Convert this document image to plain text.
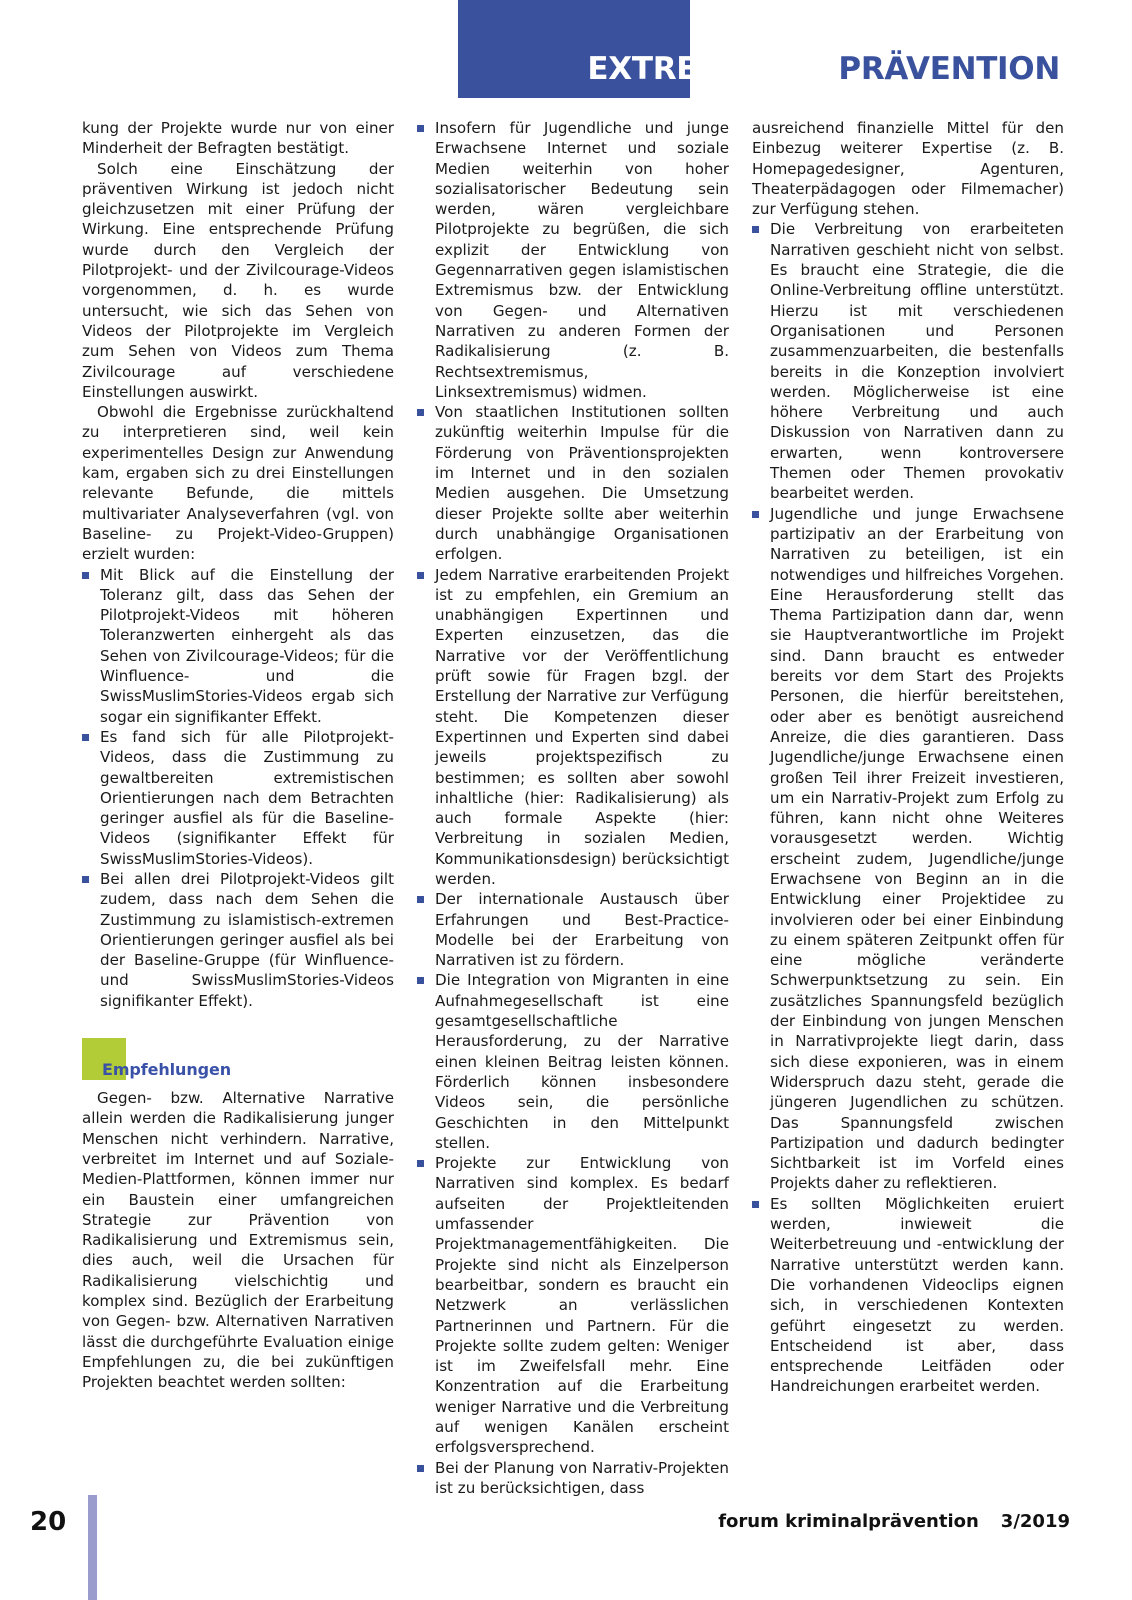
EXTREMISMUSPRÄVENTION

kung der Projekte wurde nur von einer Minderheit der Befragten bestätigt.

Solch eine Einschätzung der präventiven Wirkung ist jedoch nicht gleichzusetzen mit einer Prüfung der Wirkung. Eine entsprechende Prüfung wurde durch den Vergleich der Pilotprojekt- und der Zivilcourage-Videos vorgenommen, d. h. es wurde untersucht, wie sich das Sehen von Videos der Pilotprojekte im Vergleich zum Sehen von Videos zum Thema Zivilcourage auf verschiedene Einstellungen auswirkt.

Obwohl die Ergebnisse zurückhaltend zu interpretieren sind, weil kein experimentelles Design zur Anwendung kam, ergaben sich zu drei Einstellungen relevante Befunde, die mittels multivariater Analyseverfahren (vgl. von Baseline- zu Projekt-Video-Gruppen) erzielt wurden:

Mit Blick auf die Einstellung der Toleranz gilt, dass das Sehen der Pilotprojekt-Videos mit höheren Toleranzwerten einhergeht als das Sehen von Zivilcourage-Videos; für die Winfluence- und die SwissMuslimStories-Videos ergab sich sogar ein signifikanter Effekt.
Es fand sich für alle Pilotprojekt-Videos, dass die Zustimmung zu gewaltbereiten extremistischen Orientierungen nach dem Betrachten geringer ausfiel als für die Baseline-Videos (signifikanter Effekt für SwissMuslimStories-Videos).
Bei allen drei Pilotprojekt-Videos gilt zudem, dass nach dem Sehen die Zustimmung zu islamistisch-extremen Orientierungen geringer ausfiel als bei der Baseline-Gruppe (für Winfluence- und SwissMuslimStories-Videos signifikanter Effekt).
Empfehlungen

Gegen- bzw. Alternative Narrative allein werden die Radikalisierung junger Menschen nicht verhindern. Narrative, verbreitet im Internet und auf Soziale-Medien-Plattformen, können immer nur ein Baustein einer umfangreichen Strategie zur Prävention von Radikalisierung und Extremismus sein, dies auch, weil die Ursachen für Radikalisierung vielschichtig und komplex sind. Bezüglich der Erarbeitung von Gegen- bzw. Alternativen Narrativen lässt die durchgeführte Evaluation einige Empfehlungen zu, die bei zukünftigen Projekten beachtet werden sollten:

Insofern für Jugendliche und junge Erwachsene Internet und soziale Medien weiterhin von hoher sozialisatorischer Bedeutung sein werden, wären vergleichbare Pilotprojekte zu begrüßen, die sich explizit der Entwicklung von Gegennarrativen gegen islamistischen Extremismus bzw. der Entwicklung von Gegen- und Alternativen Narrativen zu anderen Formen der Radikalisierung (z. B. Rechtsextremismus, Linksextremismus) widmen.
Von staatlichen Institutionen sollten zukünftig weiterhin Impulse für die Förderung von Präventionsprojekten im Internet und in den sozialen Medien ausgehen. Die Umsetzung dieser Projekte sollte aber weiterhin durch unabhängige Organisationen erfolgen.
Jedem Narrative erarbeitenden Projekt ist zu empfehlen, ein Gremium an unabhängigen Expertinnen und Experten einzusetzen, das die Narrative vor der Veröffentlichung prüft sowie für Fragen bzgl. der Erstellung der Narrative zur Verfügung steht. Die Kompetenzen dieser Expertinnen und Experten sind dabei jeweils projektspezifisch zu bestimmen; es sollten aber sowohl inhaltliche (hier: Radikalisierung) als auch formale Aspekte (hier: Verbreitung in sozialen Medien, Kommunikationsdesign) berücksichtigt werden.
Der internationale Austausch über Erfahrungen und Best-Practice-Modelle bei der Erarbeitung von Narrativen ist zu fördern.
Die Integration von Migranten in eine Aufnahmegesellschaft ist eine gesamtgesellschaftliche Herausforderung, zu der Narrative einen kleinen Beitrag leisten können. Förderlich können insbesondere Videos sein, die persönliche Geschichten in den Mittelpunkt stellen.
Projekte zur Entwicklung von Narrativen sind komplex. Es bedarf aufseiten der Projektleitenden umfassender Projektmanagementfähigkeiten. Die Projekte sind nicht als Einzelperson bearbeitbar, sondern es braucht ein Netzwerk an verlässlichen Partnerinnen und Partnern. Für die Projekte sollte zudem gelten: Weniger ist im Zweifelsfall mehr. Eine Konzentration auf die Erarbeitung weniger Narrative und die Verbreitung auf wenigen Kanälen erscheint erfolgsversprechend.
Bei der Planung von Narrativ-Projekten ist zu berücksichtigen, dass

ausreichend finanzielle Mittel für den Einbezug weiterer Expertise (z. B. Homepagedesigner, Agenturen, Theaterpädagogen oder Filmemacher) zur Verfügung stehen.

Die Verbreitung von erarbeiteten Narrativen geschieht nicht von selbst. Es braucht eine Strategie, die die Online-Verbreitung offline unterstützt. Hierzu ist mit verschiedenen Organisationen und Personen zusammenzuarbeiten, die bestenfalls bereits in die Konzeption involviert werden. Möglicherweise ist eine höhere Verbreitung und auch Diskussion von Narrativen dann zu erwarten, wenn kontroversere Themen oder Themen provokativ bearbeitet werden.
Jugendliche und junge Erwachsene partizipativ an der Erarbeitung von Narrativen zu beteiligen, ist ein notwendiges und hilfreiches Vorgehen. Eine Herausforderung stellt das Thema Partizipation dann dar, wenn sie Hauptverantwortliche im Projekt sind. Dann braucht es entweder bereits vor dem Start des Projekts Personen, die hierfür bereitstehen, oder aber es benötigt ausreichend Anreize, die dies garantieren. Dass Jugendliche/junge Erwachsene einen großen Teil ihrer Freizeit investieren, um ein Narrativ-Projekt zum Erfolg zu führen, kann nicht ohne Weiteres vorausgesetzt werden. Wichtig erscheint zudem, Jugendliche/junge Erwachsene von Beginn an in die Entwicklung einer Projektidee zu involvieren oder bei einer Einbindung zu einem späteren Zeitpunkt offen für eine mögliche veränderte Schwerpunktsetzung zu sein. Ein zusätzliches Spannungsfeld bezüglich der Einbindung von jungen Menschen in Narrativprojekte liegt darin, dass sich diese exponieren, was in einem Widerspruch dazu steht, gerade die jüngeren Jugendlichen zu schützen. Das Spannungsfeld zwischen Partizipation und dadurch bedingter Sichtbarkeit ist im Vorfeld eines Projekts daher zu reflektieren.
Es sollten Möglichkeiten eruiert werden, inwieweit die Weiterbetreuung und -entwicklung der Narrative unterstützt werden kann. Die vorhandenen Videoclips eignen sich, in verschiedenen Kontexten geführt eingesetzt zu werden. Entscheidend ist aber, dass entsprechende Leitfäden oder Handreichungen erarbeitet werden.
20	forum kriminalprävention 3/2019
